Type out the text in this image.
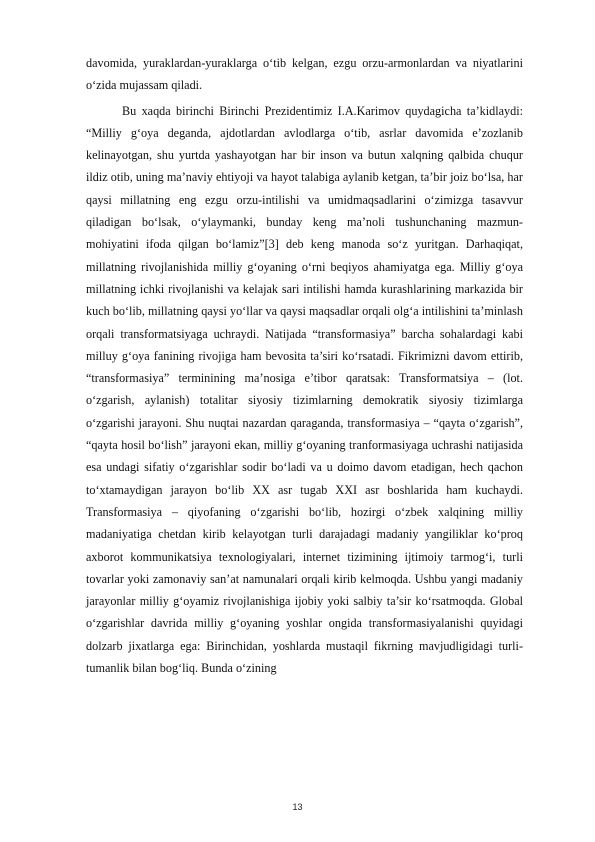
davomida, yuraklardan-yuraklarga o‘tib kelgan, ezgu orzu-armonlardan va niyatlarini o‘zida mujassam qiladi.

Bu xaqda birinchi Birinchi Prezidentimiz I.A.Karimov quydagicha ta’kidlaydi: “Milliy g‘oya deganda, ajdotlardan avlodlarga o‘tib, asrlar davomida e’zozlanib kelinayotgan, shu yurtda yashayotgan har bir inson va butun xalqning qalbida chuqur ildiz otib, uning ma’naviy ehtiyoji va hayot talabiga aylanib ketgan, ta’bir joiz bo‘lsa, har qaysi millatning eng ezgu orzu-intilishi va umidmaqsadlarini o‘zimizga tasavvur qiladigan bo‘lsak, o‘ylaymanki, bunday keng ma’noli tushunchaning mazmun-mohiyatini ifoda qilgan bo‘lamiz”[3] deb keng manoda so‘z yuritgan. Darhaqiqat, millatning rivojlanishida milliy g‘oyaning o‘rni beqiyos ahamiyatga ega. Milliy g‘oya millatning ichki rivojlanishi va kelajak sari intilishi hamda kurashlarining markazida bir kuch bo‘lib, millatning qaysi yo‘llar va qaysi maqsadlar orqali olg‘a intilishini ta’minlash orqali transformatsiyaga uchraydi. Natijada “transformasiya” barcha sohalardagi kabi milluy g‘oya fanining rivojiga ham bevosita ta’siri ko‘rsatadi. Fikrimizni davom ettirib, “transformasiya” terminining ma’nosiga e’tibor qaratsak: Transformatsiya – (lot. o‘zgarish, aylanish) totalitar siyosiy tizimlarning demokratik siyosiy tizimlarga o‘zgarishi jarayoni. Shu nuqtai nazardan qaraganda, transformasiya – “qayta o‘zgarish”, “qayta hosil bo‘lish” jarayoni ekan, milliy g‘oyaning tranformasiyaga uchrashi natijasida esa undagi sifatiy o‘zgarishlar sodir bo‘ladi va u doimo davom etadigan, hech qachon to‘xtamaydigan jarayon bo‘lib XX asr tugab XXI asr boshlarida ham kuchaydi. Transformasiya – qiyofaning o‘zgarishi bo‘lib, hozirgi o‘zbek xalqining milliy madaniyatiga chetdan kirib kelayotgan turli darajadagi madaniy yangiliklar ko‘proq axborot kommunikatsiya texnologiyalari, internet tizimining ijtimoiy tarmog‘i, turli tovarlar yoki zamonaviy san’at namunalari orqali kirib kelmoqda. Ushbu yangi madaniy jarayonlar milliy g‘oyamiz rivojlanishiga ijobiy yoki salbiy ta’sir ko‘rsatmoqda. Global o‘zgarishlar davrida milliy g‘oyaning yoshlar ongida transformasiyalanishi quyidagi dolzarb jixatlarga ega: Birinchidan, yoshlarda mustaqil fikrning mavjudligidagi turli-tumanlik bilan bog‘liq. Bunda o‘zining

13
